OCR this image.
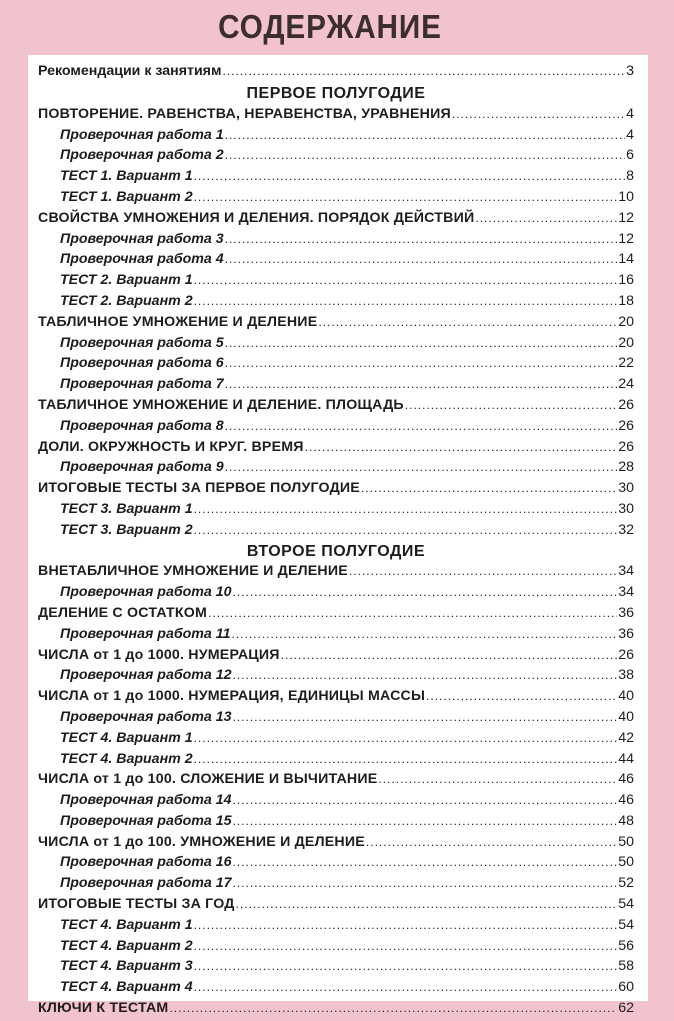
СОДЕРЖАНИЕ
Рекомендации к занятиям .....	3
ПЕРВОЕ ПОЛУГОДИЕ
ПОВТОРЕНИЕ. РАВЕНСТВА, НЕРАВЕНСТВА, УРАВНЕНИЯ .....	4
Проверочная работа 1 .....	4
Проверочная работа 2 .....	6
ТЕСТ 1. Вариант 1 .....	8
ТЕСТ 1. Вариант 2 .....	10
СВОЙСТВА УМНОЖЕНИЯ И ДЕЛЕНИЯ. ПОРЯДОК ДЕЙСТВИЙ .....	12
Проверочная работа 3 .....	12
Проверочная работа 4 .....	14
ТЕСТ 2. Вариант 1 .....	16
ТЕСТ 2. Вариант 2 .....	18
ТАБЛИЧНОЕ УМНОЖЕНИЕ И ДЕЛЕНИЕ .....	20
Проверочная работа 5 .....	20
Проверочная работа 6 .....	22
Проверочная работа 7 .....	24
ТАБЛИЧНОЕ УМНОЖЕНИЕ И ДЕЛЕНИЕ. ПЛОЩАДЬ .....	26
Проверочная работа 8 .....	26
ДОЛИ. ОКРУЖНОСТЬ И КРУГ. ВРЕМЯ .....	26
Проверочная работа 9 .....	28
ИТОГОВЫЕ ТЕСТЫ ЗА ПЕРВОЕ ПОЛУГОДИЕ .....	30
ТЕСТ 3. Вариант 1 .....	30
ТЕСТ 3. Вариант 2 .....	32
ВТОРОЕ ПОЛУГОДИЕ
ВНЕТАБЛИЧНОЕ УМНОЖЕНИЕ И ДЕЛЕНИЕ .....	34
Проверочная работа 10 .....	34
ДЕЛЕНИЕ С ОСТАТКОМ .....	36
Проверочная работа 11 .....	36
ЧИСЛА от 1 до 1000. НУМЕРАЦИЯ .....	26
Проверочная работа 12 .....	38
ЧИСЛА от 1 до 1000. НУМЕРАЦИЯ, ЕДИНИЦЫ МАССЫ .....	40
Проверочная работа 13 .....	40
ТЕСТ 4. Вариант 1 .....	42
ТЕСТ 4. Вариант 2 .....	44
ЧИСЛА от 1 до 100. СЛОЖЕНИЕ И ВЫЧИТАНИЕ .....	46
Проверочная работа 14 .....	46
Проверочная работа 15 .....	48
ЧИСЛА от 1 до 100. УМНОЖЕНИЕ И ДЕЛЕНИЕ .....	50
Проверочная работа 16 .....	50
Проверочная работа 17 .....	52
ИТОГОВЫЕ ТЕСТЫ ЗА ГОД .....	54
ТЕСТ 4. Вариант 1 .....	54
ТЕСТ 4. Вариант 2 .....	56
ТЕСТ 4. Вариант 3 .....	58
ТЕСТ 4. Вариант 4 .....	60
КЛЮЧИ К ТЕСТАМ .....	62
